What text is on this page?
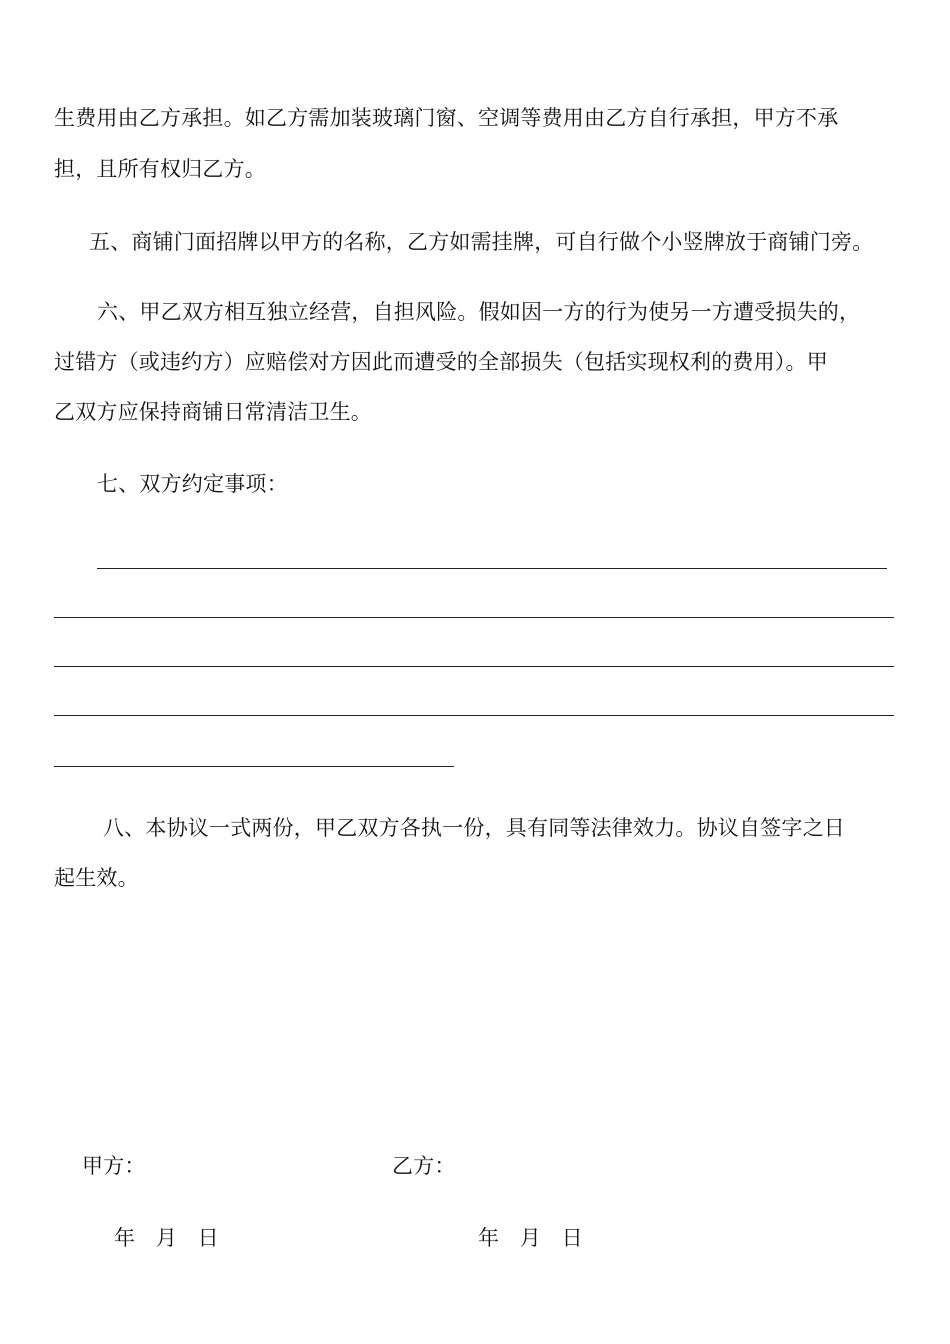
生费用由乙方承担。如乙方需加装玻璃门窗、空调等费用由乙方自行承担，甲方不承
担，且所有权归乙方。
五、商铺门面招牌以甲方的名称，乙方如需挂牌，可自行做个小竖牌放于商铺门旁。
六、甲乙双方相互独立经营，自担风险。假如因一方的行为使另一方遭受损失的，
过错方（或违约方）应赔偿对方因此而遭受的全部损失（包括实现权利的费用）。甲
乙双方应保持商铺日常清洁卫生。
七、双方约定事项：
八、本协议一式两份，甲乙双方各执一份，具有同等法律效力。协议自签字之日
起生效。
甲方：	乙方：
年   月   日	年   月   日
